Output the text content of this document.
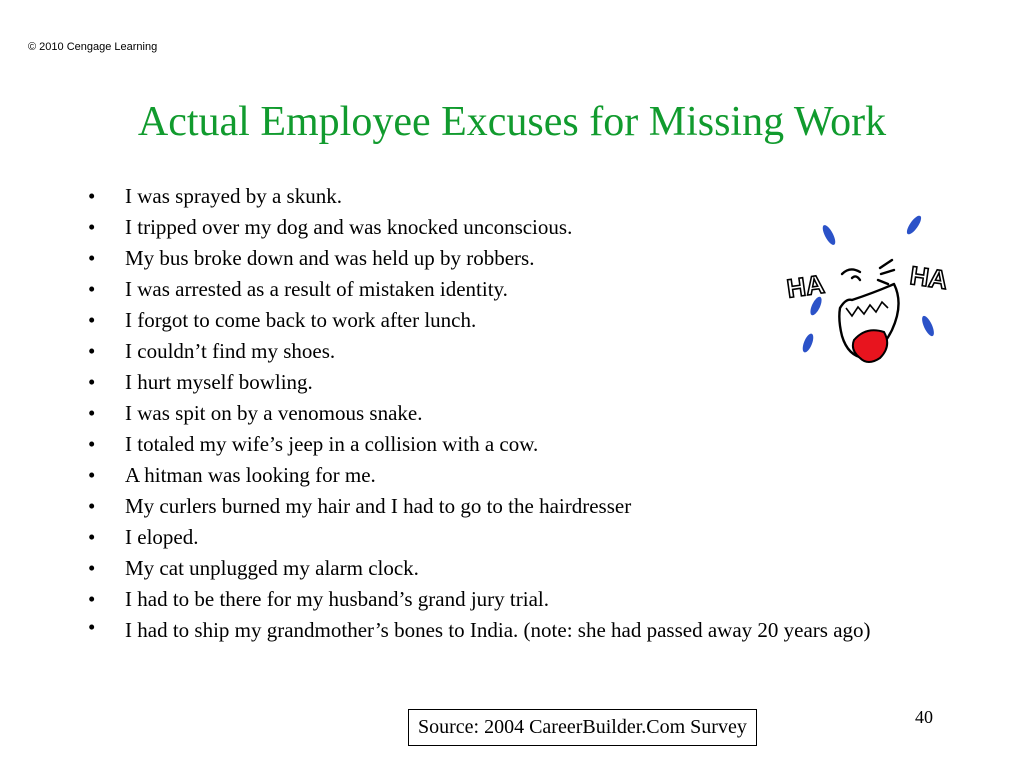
© 2010 Cengage Learning
Actual Employee Excuses for Missing Work
• I was sprayed by a skunk.
• I tripped over my dog and was knocked unconscious.
• My bus broke down and was held up by robbers.
• I was arrested as a result of mistaken identity.
• I forgot to come back to work after lunch.
• I couldn’t find my shoes.
• I hurt myself bowling.
• I was spit on by a venomous snake.
• I totaled my wife’s jeep in a collision with a cow.
• A hitman was looking for me.
• My curlers burned my hair and I had to go to the hairdresser
• I eloped.
• My cat unplugged my alarm clock.
• I had to be there for my husband’s grand jury trial.
• I had to ship my grandmother’s bones to India. (note: she had passed away 20 years ago)
HA	HA
Source: 2004 CareerBuilder.Com Survey	40
